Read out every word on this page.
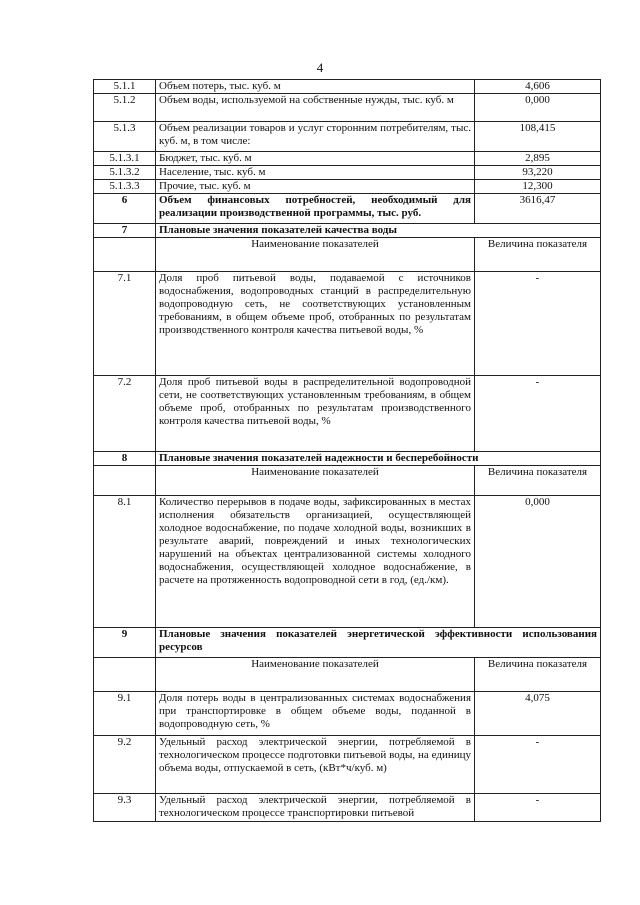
4
5.1.1	Объем потерь, тыс. куб. м	4,606
5.1.2	Объем воды, используемой на собственные нужды, тыс. куб. м	0,000
5.1.3	Объем реализации товаров и услуг сторонним потребителям, тыс. куб. м, в том числе:	108,415
5.1.3.1	Бюджет, тыс. куб. м	2,895
5.1.3.2	Население, тыс. куб. м	93,220
5.1.3.3	Прочие, тыс. куб. м	12,300
6	Объем финансовых потребностей, необходимый для реализации производственной программы, тыс. руб.	3616,47
7	Плановые значения показателей качества воды	
	Наименование показателей	Величина показателя
7.1	Доля проб питьевой воды, подаваемой с источников водоснабжения, водопроводных станций в распределительную водопроводную сеть, не соответствующих установленным требованиям, в общем объеме проб, отобранных по результатам производственного контроля качества питьевой воды, %	-
7.2	Доля проб питьевой воды в распределительной водопроводной сети, не соответствующих установленным требованиям, в общем объеме проб, отобранных по результатам производственного контроля качества питьевой воды, %	-
8	Плановые значения показателей надежности и бесперебойности	
	Наименование показателей	Величина показателя
8.1	Количество перерывов в подаче воды, зафиксированных в местах исполнения обязательств организацией, осуществляющей холодное водоснабжение, по подаче холодной воды, возникших в результате аварий, повреждений и иных технологических нарушений на объектах централизованной системы холодного водоснабжения, осуществляющей холодное водоснабжение, в расчете на протяженность водопроводной сети в год, (ед./км).	0,000
9	Плановые значения показателей энергетической эффективности использования ресурсов	
	Наименование показателей	Величина показателя
9.1	Доля потерь воды в централизованных системах водоснабжения при транспортировке в общем объеме воды, поданной в водопроводную сеть, %	4,075
9.2	Удельный расход электрической энергии, потребляемой в технологическом процессе подготовки питьевой воды, на единицу объема воды, отпускаемой в сеть, (кВт*ч/куб. м)	-
9.3	Удельный расход электрической энергии, потребляемой в технологическом процессе транспортировки питьевой	-
